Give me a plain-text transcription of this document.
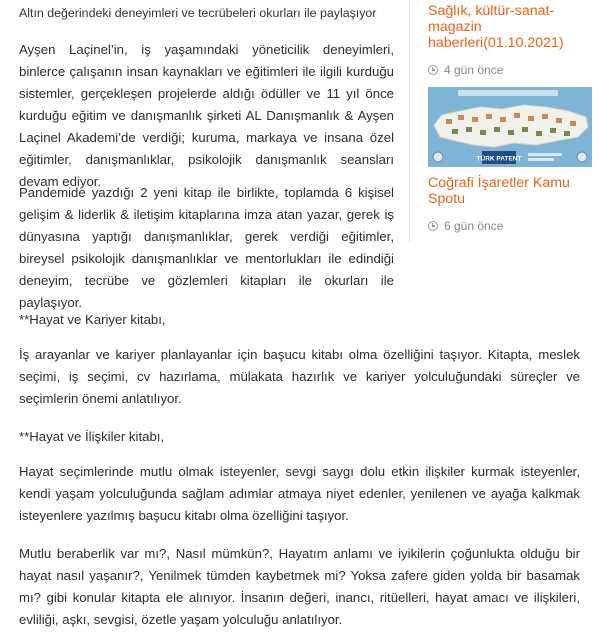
Altın değerindeki deneyimleri ve tecrübeleri okurları ile paylaşıyor

Ayşen Laçinel’in, iş yaşamındaki yöneticilik deneyimleri, binlerce çalışanın insan kaynakları ve eğitimleri ile ilgili kurduğu sistemler, gerçekleşen projelerde aldığı ödüller ve 11 yıl önce kurduğu eğitim ve danışmanlık şirketi AL Danışmanlık & Ayşen Laçinel Akademi’de verdiği; kuruma, markaya ve insana özel eğitimler, danışmanlıklar, psikolojik danışmanlık seansları devam ediyor.

Pandemide yazdığı 2 yeni kitap ile birlikte, toplamda 6 kişisel gelişim & liderlik & iletişim kitaplarına imza atan yazar, gerek iş dünyasına yaptığı danışmanlıklar, gerek verdiği eğitimler, bireysel psikolojik danışmanlıklar ve mentorlukları ile edindiği deneyim, tecrübe ve gözlemleri kitapları ile okurları ile paylaşıyor.

**Hayat ve Kariyer kitabı,

İş arayanlar ve kariyer planlayanlar için başucu kitabı olma özelliğini taşıyor. Kitapta, meslek seçimi, iş seçimi, cv hazırlama, mülakata hazırlık ve kariyer yolculuğundaki süreçler ve seçimlerin önemi anlatılıyor.

**Hayat ve İlişkiler kitabı,

Hayat seçimlerinde mutlu olmak isteyenler, sevgi saygı dolu etkin ilişkiler kurmak isteyenler, kendi yaşam yolculuğunda sağlam adımlar atmaya niyet edenler, yenilenen ve ayağa kalkmak isteyenlere yazılmış başucu kitabı olma özelliğini taşıyor.

Mutlu beraberlik var mı?, Nasıl mümkün?, Hayatım anlamı ve iyikilerin çoğunlukta olduğu bir hayat nasıl yaşanır?, Yenilmek tümden kaybetmek mi? Yoksa zafere giden yolda bir basamak mı? gibi konular kitapta ele alınıyor. İnsanın değeri, inancı, ritüelleri, hayat amacı ve ilişkileri, evliliği, aşkı, sevgisi, özetle yaşam yolculuğu anlatılıyor.

Sağlık, kültür-sanat-magazin haberleri(01.10.2021)

4 gün önce

TÜRK PATENT

Coğrafi İşaretler Kamu Spotu

6 gün önce
